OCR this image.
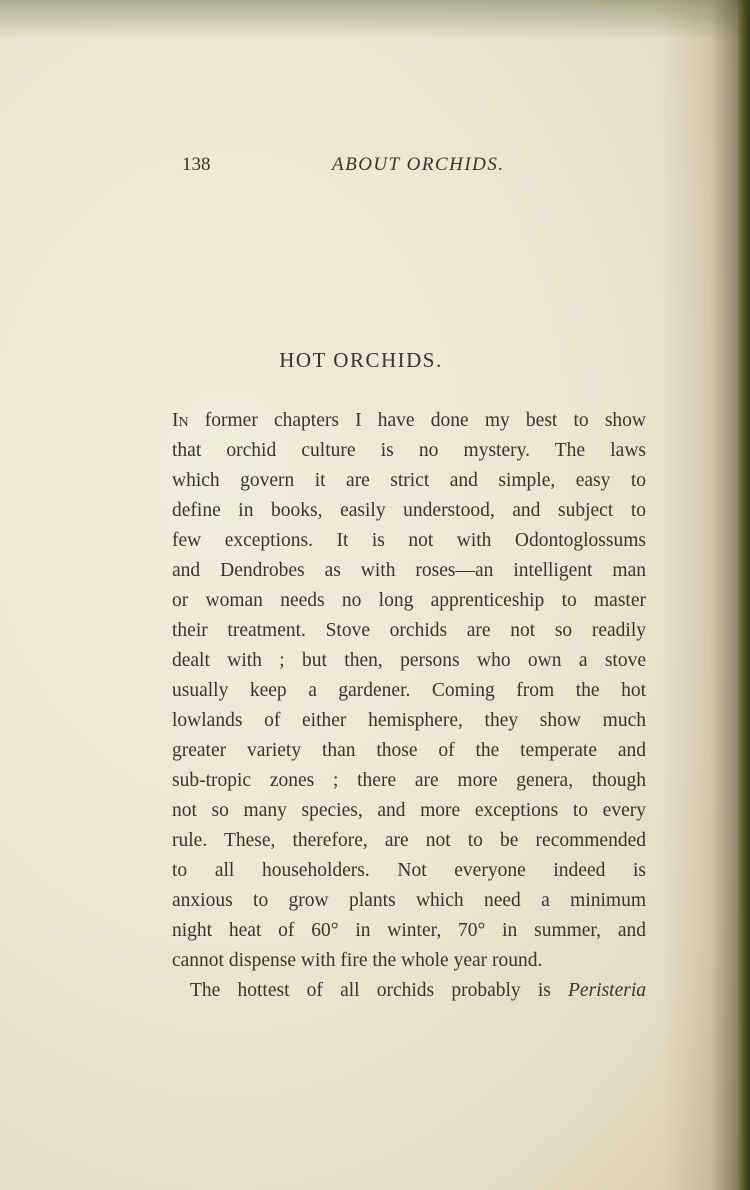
138	ABOUT ORCHIDS.
HOT ORCHIDS.
In former chapters I have done my best to show
that orchid culture is no mystery. The laws
which govern it are strict and simple, easy to
define in books, easily understood, and subject to
few exceptions. It is not with Odontoglossums
and Dendrobes as with roses—an intelligent man
or woman needs no long apprenticeship to master
their treatment. Stove orchids are not so readily
dealt with ; but then, persons who own a stove
usually keep a gardener. Coming from the hot
lowlands of either hemisphere, they show much
greater variety than those of the temperate and
sub-tropic zones ; there are more genera, though
not so many species, and more exceptions to every
rule. These, therefore, are not to be recommended
to all householders. Not everyone indeed is
anxious to grow plants which need a minimum
night heat of 60° in winter, 70° in summer, and
cannot dispense with fire the whole year round.
The hottest of all orchids probably is Peristeria
